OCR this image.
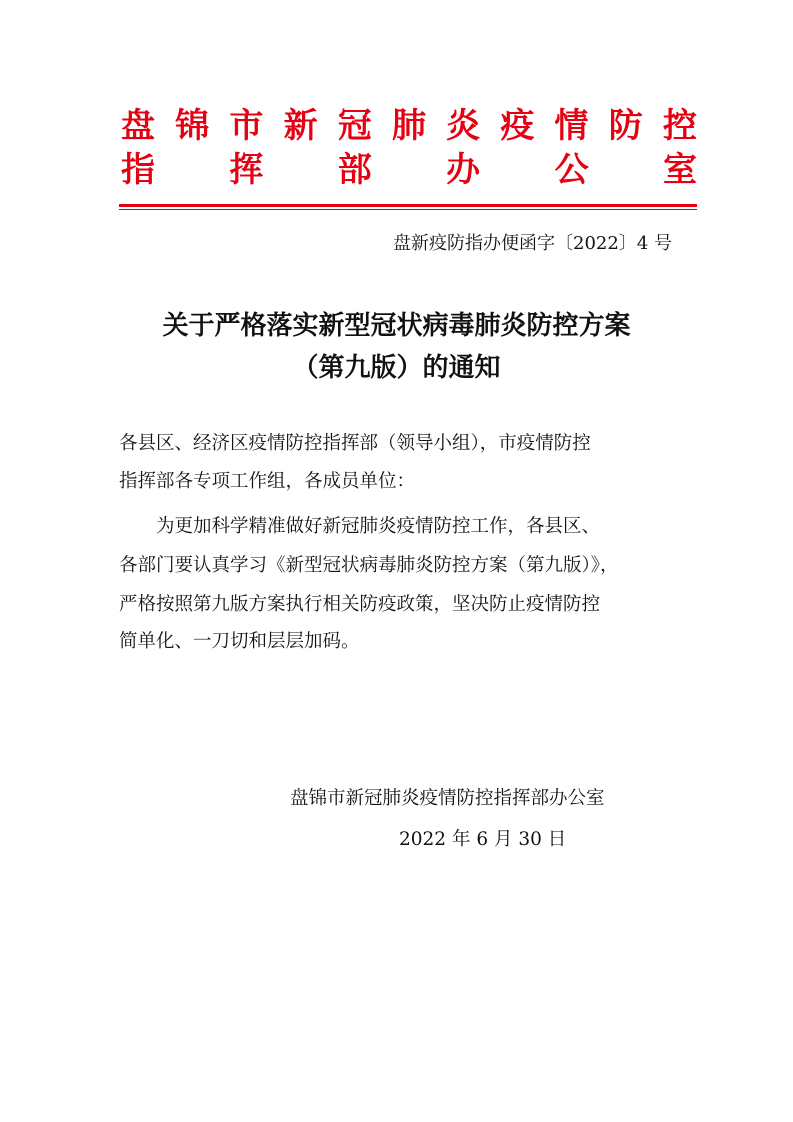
盘 锦 市 新 冠 肺 炎 疫 情 防 控
指 挥 部 办 公 室
盘新疫防指办便函字〔2022〕4 号
关于严格落实新型冠状病毒肺炎防控方案
（第九版）的通知
各县区、经济区疫情防控指挥部（领导小组），市疫情防控
指挥部各专项工作组，各成员单位：
为更加科学精准做好新冠肺炎疫情防控工作，各县区、
各部门要认真学习《新型冠状病毒肺炎防控方案（第九版）》，
严格按照第九版方案执行相关防疫政策，坚决防止疫情防控
简单化、一刀切和层层加码。
盘锦市新冠肺炎疫情防控指挥部办公室
2022 年 6 月 30 日
